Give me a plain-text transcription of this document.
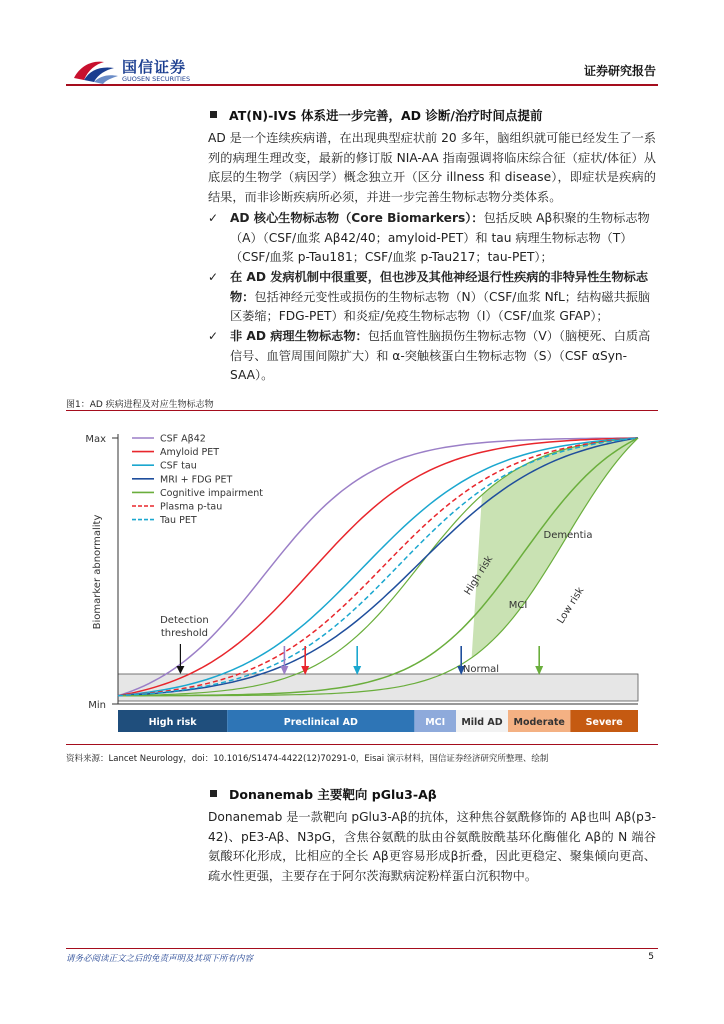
国信证券
GUOSEN SECURITIES
证券研究报告
AT(N)-IVS 体系进一步完善，AD 诊断/治疗时间点提前
AD 是一个连续疾病谱，在出现典型症状前 20 多年，脑组织就可能已经发生了一系列的病理生理改变，最新的修订版 NIA-AA 指南强调将临床综合征（症状/体征）从底层的生物学（病因学）概念独立开（区分 illness 和 disease），即症状是疾病的结果，而非诊断疾病所必须，并进一步完善生物标志物分类体系。
✓ AD 核心生物标志物（Core Biomarkers）：包括反映 Aβ积聚的生物标志物（A）（CSF/血浆 Aβ42/40；amyloid-PET）和 tau 病理生物标志物（T）（CSF/血浆 p-Tau181；CSF/血浆 p-Tau217；tau-PET）；
✓ 在 AD 发病机制中很重要，但也涉及其他神经退行性疾病的非特异性生物标志物：包括神经元变性或损伤的生物标志物（N）（CSF/血浆 NfL；结构磁共振脑区萎缩；FDG-PET）和炎症/免疫生物标志物（I）（CSF/血浆 GFAP）；
✓ 非 AD 病理生物标志物：包括血管性脑损伤生物标志物（V）（脑梗死、白质高信号、血管周围间隙扩大）和 α-突触核蛋白生物标志物（S）（CSF αSyn-SAA）。
图1：AD 疾病进程及对应生物标志物
Max
Min
Biomarker abnormality	Detection
threshold
CSF Aβ42
Amyloid PET
CSF tau
MRI + FDG PET
Cognitive impairment
Plasma p-tau
Tau PET
High risk	Preclinical AD	MCI Mild AD Moderate Severe
Normal
MCI
Dementia
High risk
Low risk
资料来源：Lancet Neurology，doi：10.1016/S1474-4422(12)70291-0，Eisai 演示材料，国信证券经济研究所整理、绘制
Donanemab 主要靶向 pGlu3-Aβ
Donanemab 是一款靶向 pGlu3-Aβ的抗体，这种焦谷氨酰修饰的 Aβ也叫 Aβ(p3-42)、pE3-Aβ、N3pG，含焦谷氨酰的肽由谷氨酰胺酰基环化酶催化 Aβ的 N 端谷氨酸环化形成，比相应的全长 Aβ更容易形成β折叠，因此更稳定、聚集倾向更高、疏水性更强，主要存在于阿尔茨海默病淀粉样蛋白沉积物中。
请务必阅读正文之后的免责声明及其项下所有内容	5
